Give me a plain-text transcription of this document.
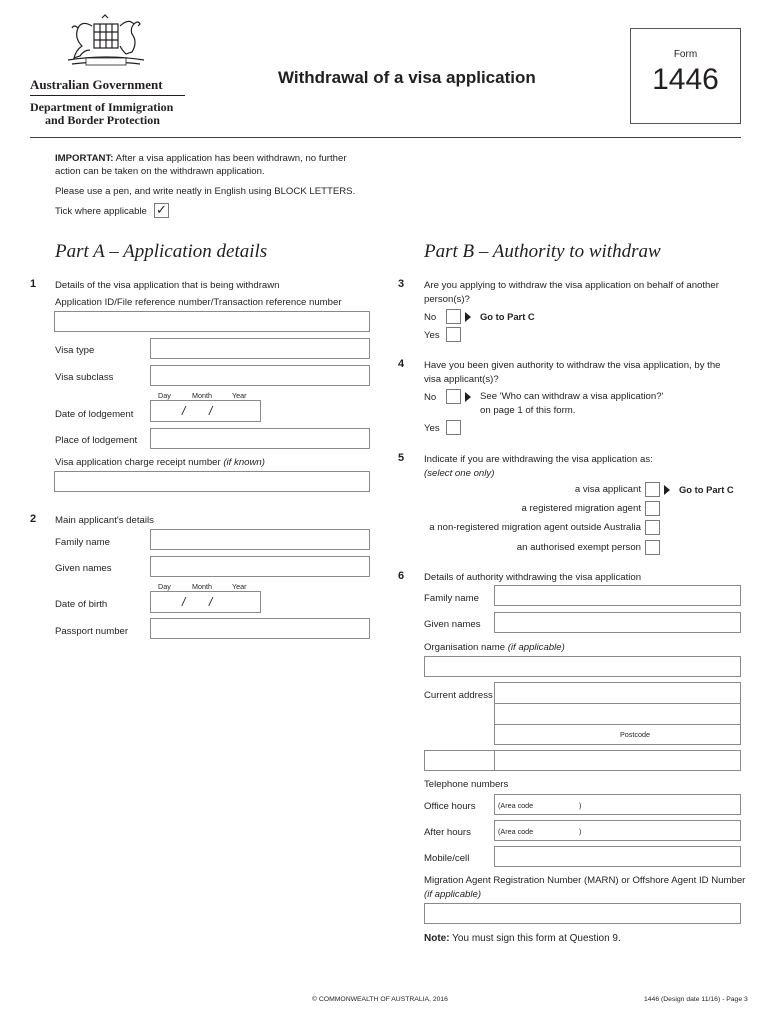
Australian Government
Department of Immigration
and Border Protection
Withdrawal of a visa application
Form
1446
IMPORTANT: After a visa application has been withdrawn, no further
action can be taken on the withdrawn application.
Please use a pen, and write neatly in English using BLOCK LETTERS.
Tick where applicable ✓
Part A – Application details
1 Details of the visa application that is being withdrawn
Application ID/File reference number/Transaction reference number
Visa type
Visa subclass
Day	Month	Year
Date of lodgement	/ /
Place of lodgement
Visa application charge receipt number (if known)
2 Main applicant's details
Family name
Given names
Day	Month	Year
Date of birth	/ /
Passport number
Part B – Authority to withdraw
3 Are you applying to withdraw the visa application on behalf of another
person(s)?
No	Go to Part C
Yes
4 Have you been given authority to withdraw the visa application, by the
visa applicant(s)?
No	See 'Who can withdraw a visa application?'
on page 1 of this form.
Yes
5 Indicate if you are withdrawing the visa application as:
(select one only)
a visa applicant	Go to Part C
a registered migration agent
a non-registered migration agent outside Australia
an authorised exempt person
6 Details of authority withdrawing the visa application
Family name
Given names
Organisation name (if applicable)
Current address
Postcode
Telephone numbers
Office hours	(Area code	)
After hours	(Area code	)
Mobile/cell
Migration Agent Registration Number (MARN) or Offshore Agent ID Number
(if applicable)
Note: You must sign this form at Question 9.
© COMMONWEALTH OF AUSTRALIA, 2016	1446 (Design date 11/16) - Page 3
